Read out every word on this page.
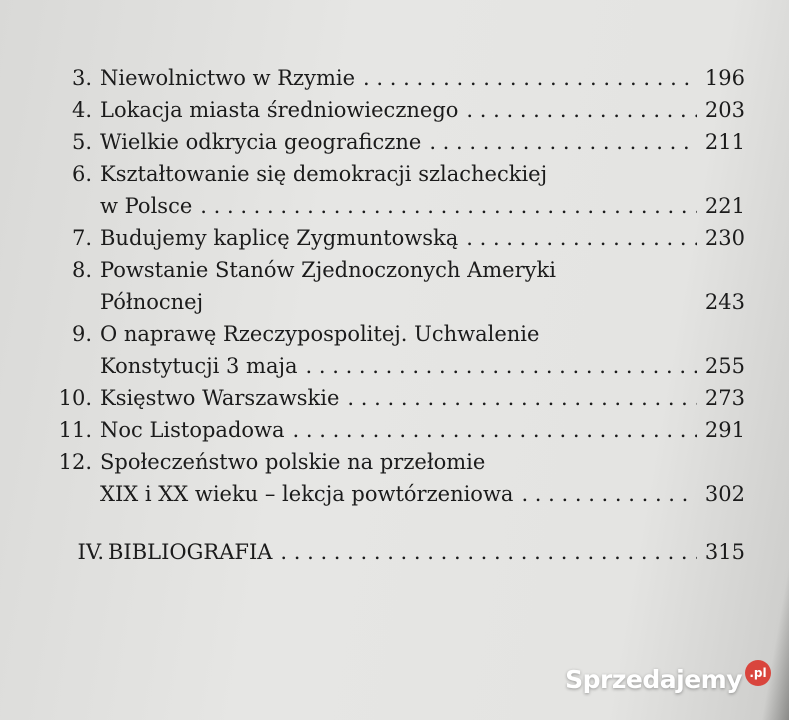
3. Niewolnictwo w Rzymie . . .	196
4. Lokacja miasta średniowiecznego . . .	203
5. Wielkie odkrycia geograficzne . . .	211
6. Kształtowanie się demokracji szlacheckiej
w Polsce . . .	221
7. Budujemy kaplicę Zygmuntowską . . .	230
8. Powstanie Stanów Zjednoczonych Ameryki
Północnej	243
9. O naprawę Rzeczypospolitej. Uchwalenie
Konstytucji 3 maja . . .	255
10. Księstwo Warszawskie . . .	273
11. Noc Listopadowa . . .	291
12. Społeczeństwo polskie na przełomie
XIX i XX wieku – lekcja powtórzeniowa . . .	302
IV. BIBLIOGRAFIA . . .	315
Sprzedajemy .pl
